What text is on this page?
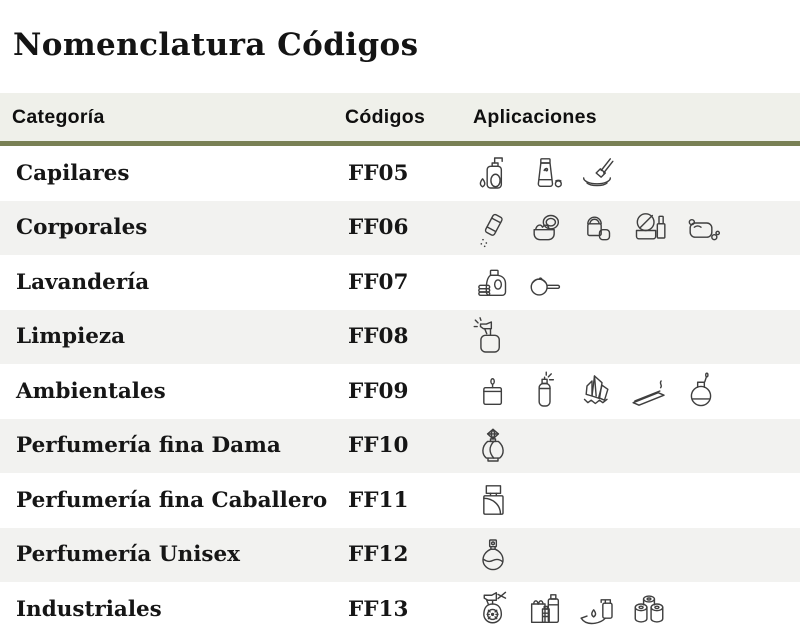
Nomenclatura Códigos
Categoría	Códigos	Aplicaciones
Capilares	FF05
Corporales	FF06
Lavandería	FF07
Limpieza	FF08
Ambientales	FF09
Perfumería fina Dama	FF10
Perfumería fina Caballero FF11
Perfumería Unisex	FF12
Industriales	FF13
